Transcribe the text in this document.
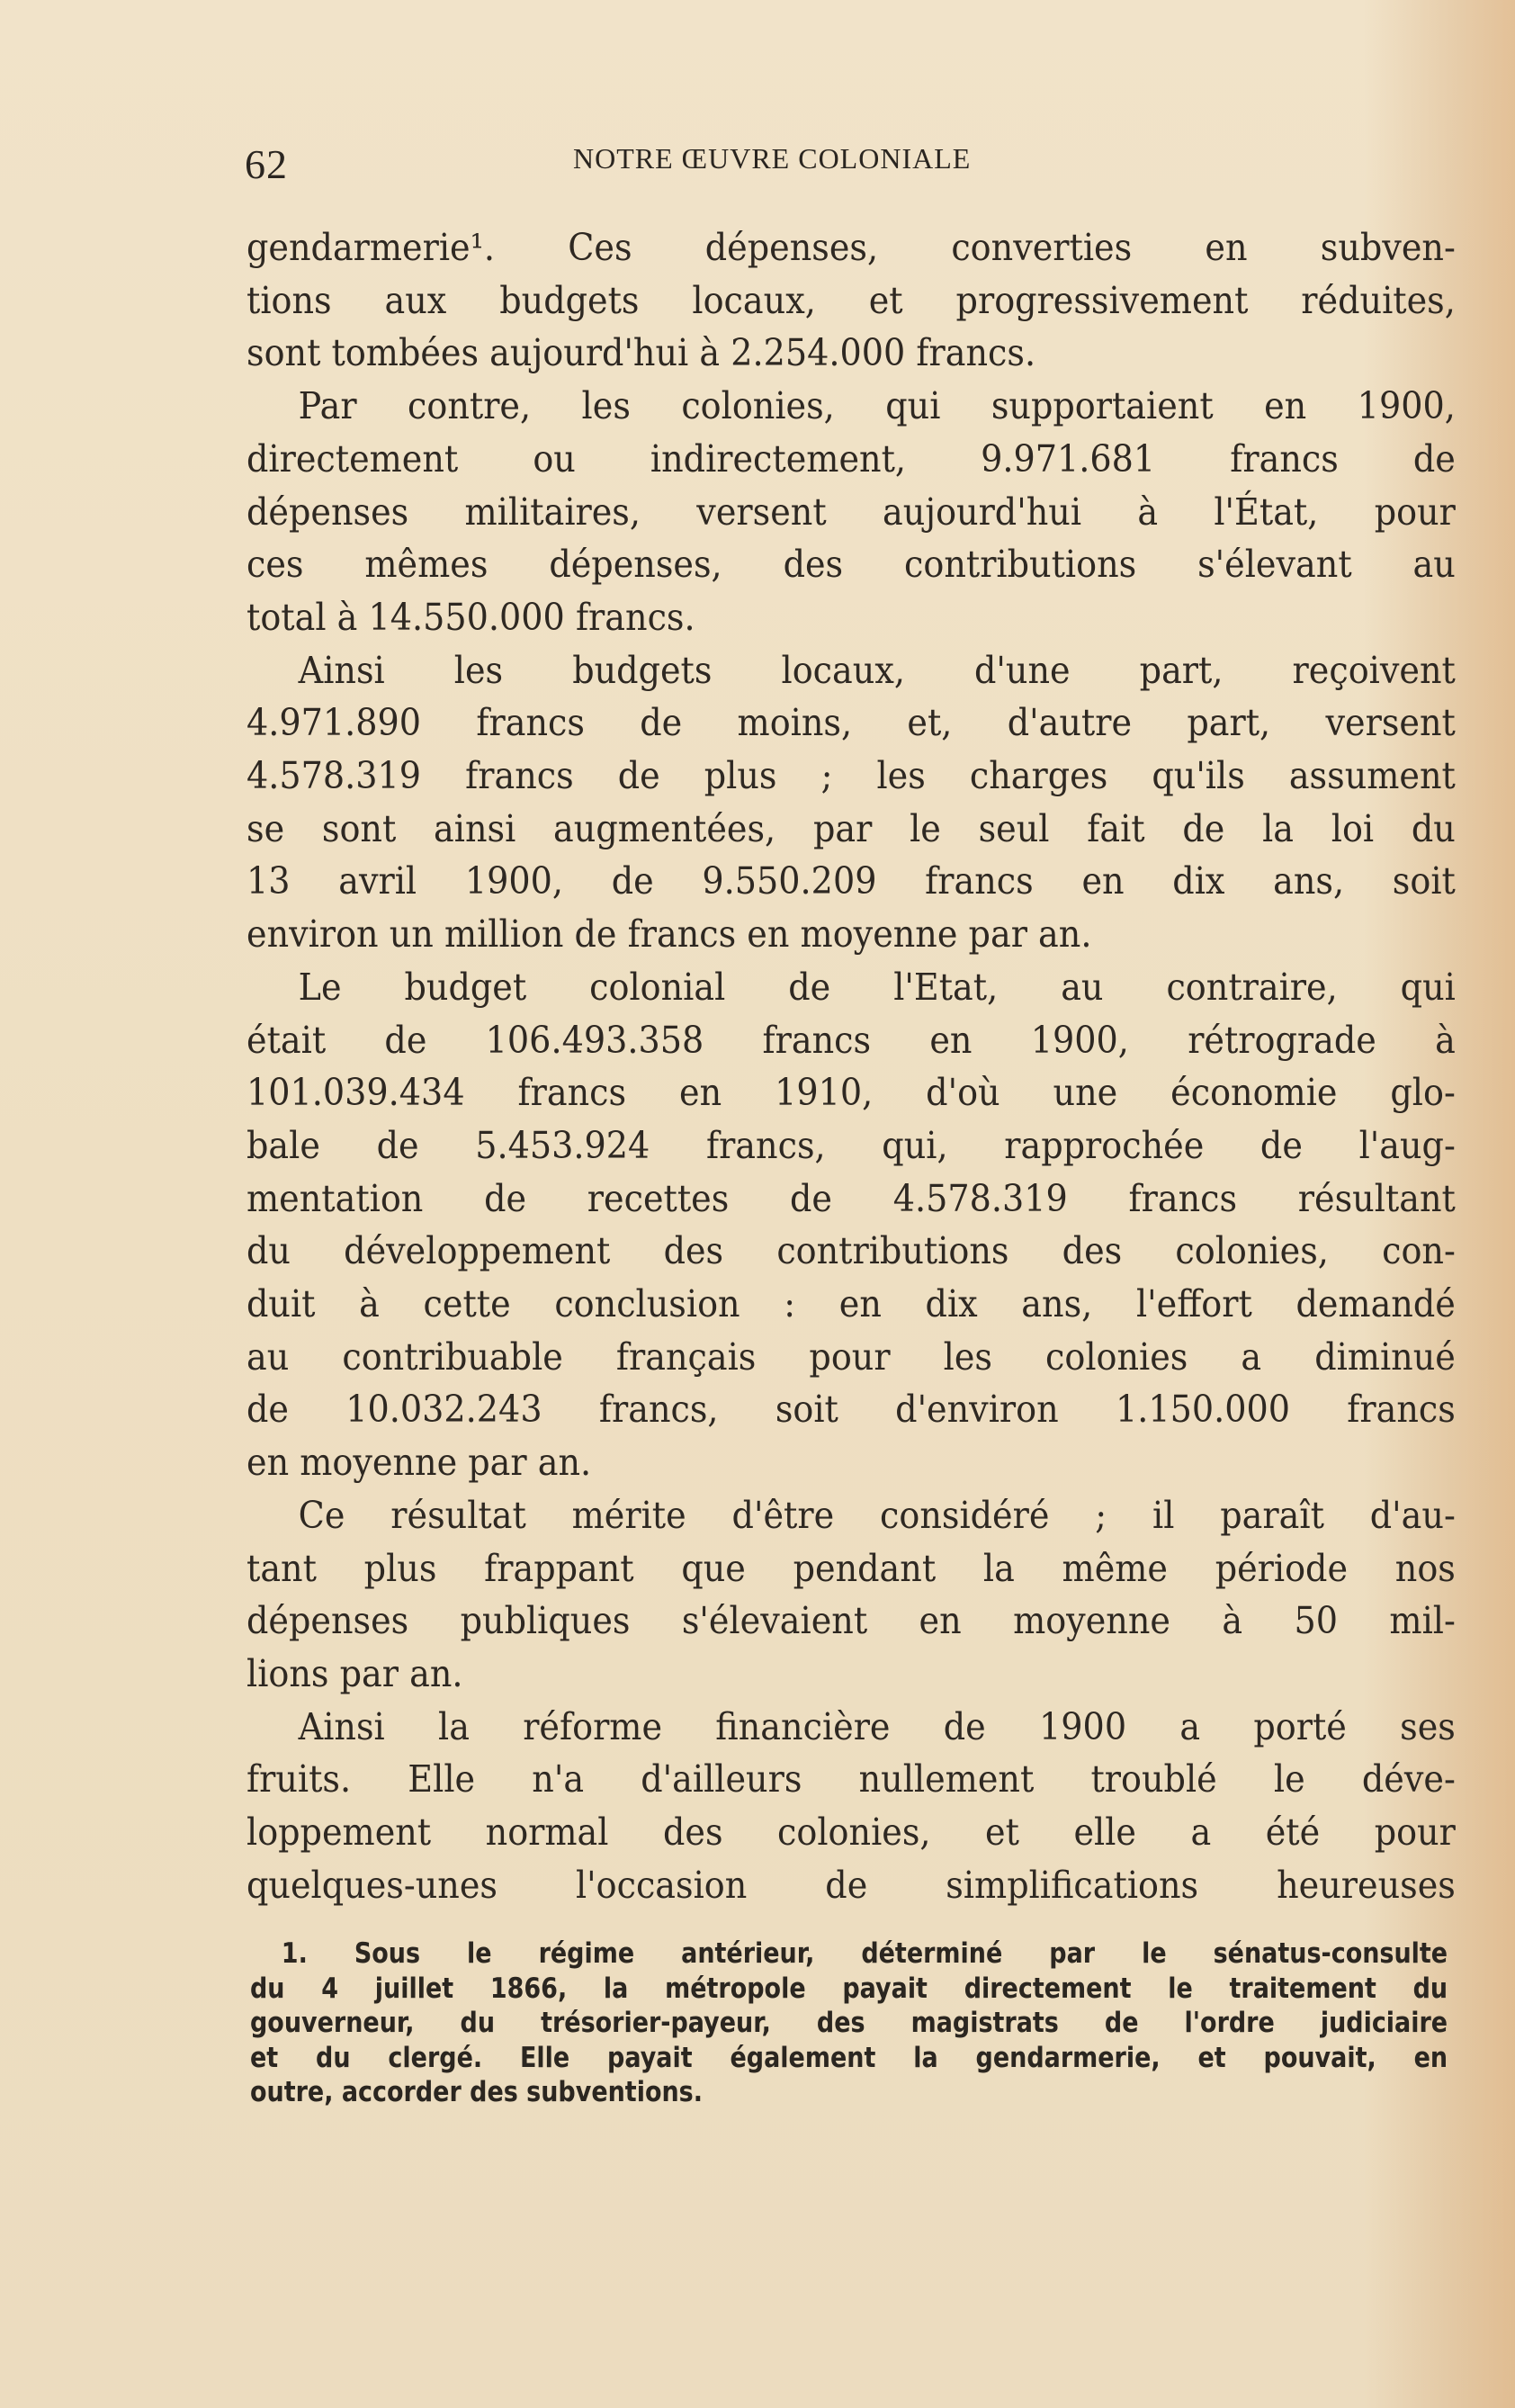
62	NOTRE ŒUVRE COLONIALE
gendarmerie¹. Ces dépenses, converties en subven-
tions aux budgets locaux, et progressivement réduites,
sont tombées aujourd'hui à 2.254.000 francs.
Par contre, les colonies, qui supportaient en 1900,
directement ou indirectement, 9.971.681 francs de
dépenses militaires, versent aujourd'hui à l'État, pour
ces mêmes dépenses, des contributions s'élevant au
total à 14.550.000 francs.
Ainsi les budgets locaux, d'une part, reçoivent
4.971.890 francs de moins, et, d'autre part, versent
4.578.319 francs de plus ; les charges qu'ils assument
se sont ainsi augmentées, par le seul fait de la loi du
13 avril 1900, de 9.550.209 francs en dix ans, soit
environ un million de francs en moyenne par an.
Le budget colonial de l'Etat, au contraire, qui
était de 106.493.358 francs en 1900, rétrograde à
101.039.434 francs en 1910, d'où une économie glo-
bale de 5.453.924 francs, qui, rapprochée de l'aug-
mentation de recettes de 4.578.319 francs résultant
du développement des contributions des colonies, con-
duit à cette conclusion : en dix ans, l'effort demandé
au contribuable français pour les colonies a diminué
de 10.032.243 francs, soit d'environ 1.150.000 francs
en moyenne par an.
Ce résultat mérite d'être considéré ; il paraît d'au-
tant plus frappant que pendant la même période nos
dépenses publiques s'élevaient en moyenne à 50 mil-
lions par an.
Ainsi la réforme financière de 1900 a porté ses
fruits. Elle n'a d'ailleurs nullement troublé le déve-
loppement normal des colonies, et elle a été pour
quelques-unes l'occasion de simplifications heureuses
1. Sous le régime antérieur, déterminé par le sénatus-consulte
du 4 juillet 1866, la métropole payait directement le traitement du
gouverneur, du trésorier-payeur, des magistrats de l'ordre judiciaire
et du clergé. Elle payait également la gendarmerie, et pouvait, en
outre, accorder des subventions.
